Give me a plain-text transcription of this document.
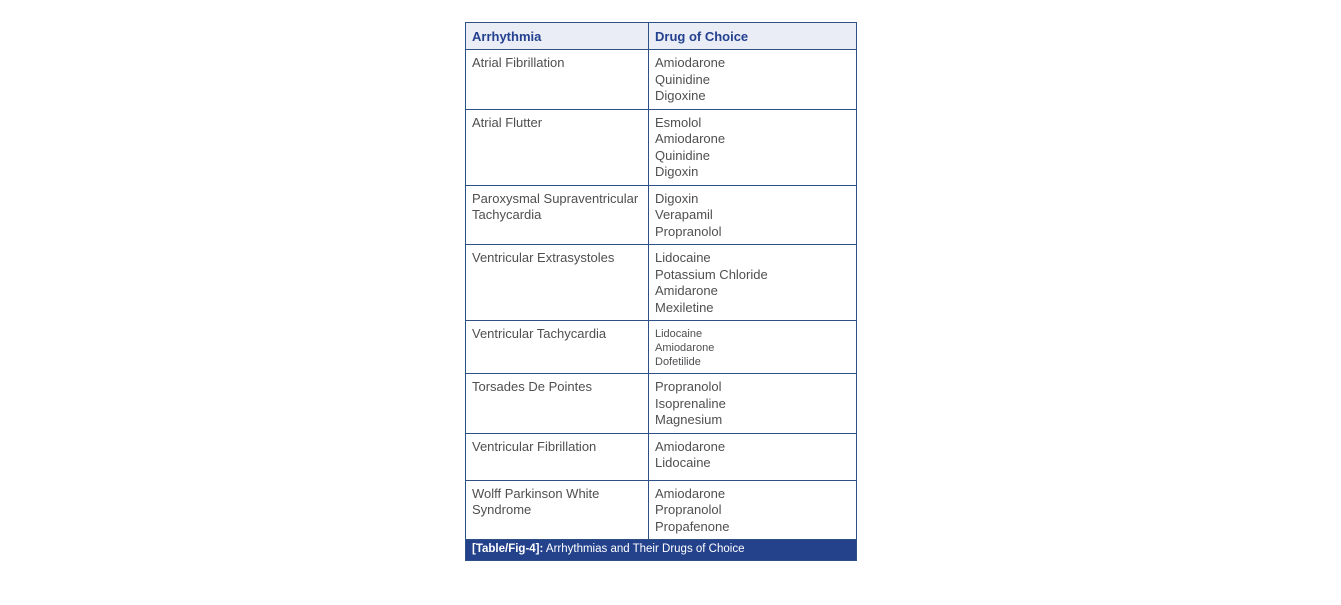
Arrhythmia	Drug of Choice
Atrial Fibrillation	Amiodarone
Quinidine
Digoxine

Atrial Flutter	Esmolol
Amiodarone
Quinidine
Digoxin

Paroxysmal Supraventricular Tachycardia	Digoxin
Verapamil
Propranolol

Ventricular Extrasystoles	Lidocaine
Potassium Chloride
Amidarone
Mexiletine

Ventricular Tachycardia	Lidocaine
Amiodarone
Dofetilide

Torsades De Pointes	Propranolol
Isoprenaline
Magnesium

Ventricular Fibrillation	Amiodarone
Lidocaine

Wolff Parkinson White Syndrome	Amiodarone
Propranolol
Propafenone

[Table/Fig-4]: Arrhythmias and Their Drugs of Choice	
